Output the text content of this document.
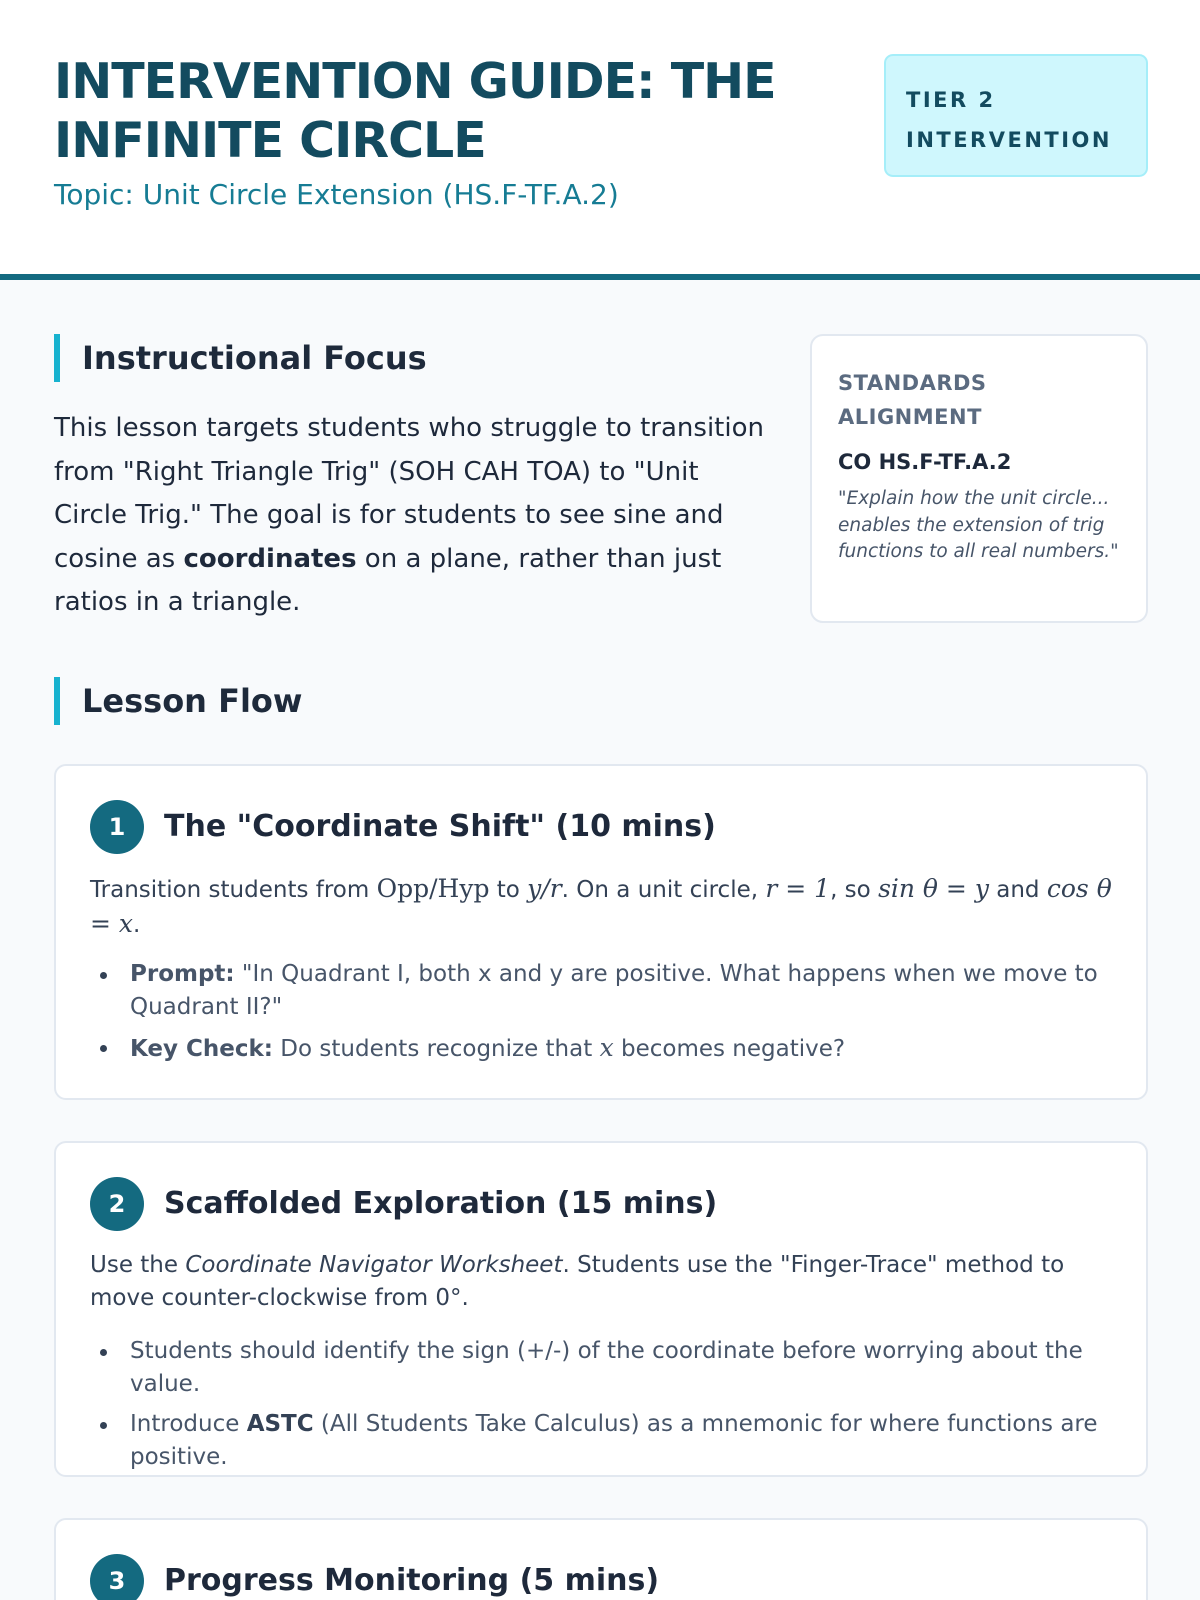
INTERVENTION GUIDE: THE INFINITE CIRCLE
Topic: Unit Circle Extension (HS.F-TF.A.2)
TIER 2 INTERVENTION
Instructional Focus

This lesson targets students who struggle to transition from "Right Triangle Trig" (SOH CAH TOA) to "Unit Circle Trig." The goal is for students to see sine and cosine as coordinates on a plane, rather than just ratios in a triangle.

STANDARDS ALIGNMENT
CO HS.F-TF.A.2
"Explain how the unit circle... enables the extension of trig functions to all real numbers."
Lesson Flow
1	The "Coordinate Shift" (10 mins)

Transition students from Opp/Hyp to y/r. On a unit circle, r = 1, so sin θ = y and cos θ = x.

Prompt: "In Quadrant I, both x and y are positive. What happens when we move to Quadrant II?"
Key Check: Do students recognize that x becomes negative?
2	Scaffolded Exploration (15 mins)

Use the Coordinate Navigator Worksheet. Students use the "Finger-Trace" method to move counter-clockwise from 0°.

Students should identify the sign (+/-) of the coordinate before worrying about the value.
Introduce ASTC (All Students Take Calculus) as a mnemonic for where functions are positive.
3	Progress Monitoring (5 mins)
